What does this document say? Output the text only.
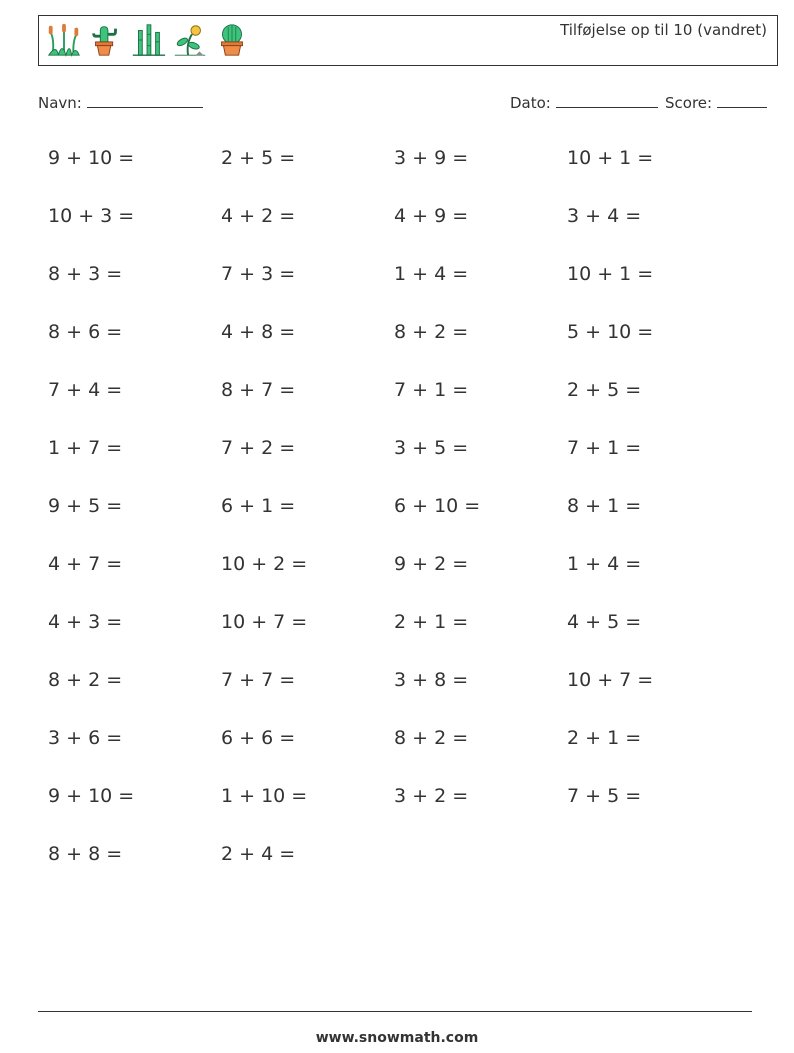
Tilføjelse op til 10 (vandret)
Navn:	Dato:	Score:
9 + 10 =	2 + 5 =	3 + 9 =	10 + 1 =
10 + 3 =	4 + 2 =	4 + 9 =	3 + 4 =
8 + 3 =	7 + 3 =	1 + 4 =	10 + 1 =
8 + 6 =	4 + 8 =	8 + 2 =	5 + 10 =
7 + 4 =	8 + 7 =	7 + 1 =	2 + 5 =
1 + 7 =	7 + 2 =	3 + 5 =	7 + 1 =
9 + 5 =	6 + 1 =	6 + 10 =	8 + 1 =
4 + 7 =	10 + 2 =	9 + 2 =	1 + 4 =
4 + 3 =	10 + 7 =	2 + 1 =	4 + 5 =
8 + 2 =	7 + 7 =	3 + 8 =	10 + 7 =
3 + 6 =	6 + 6 =	8 + 2 =	2 + 1 =
9 + 10 =	1 + 10 =	3 + 2 =	7 + 5 =
8 + 8 =	2 + 4 =
www.snowmath.com
